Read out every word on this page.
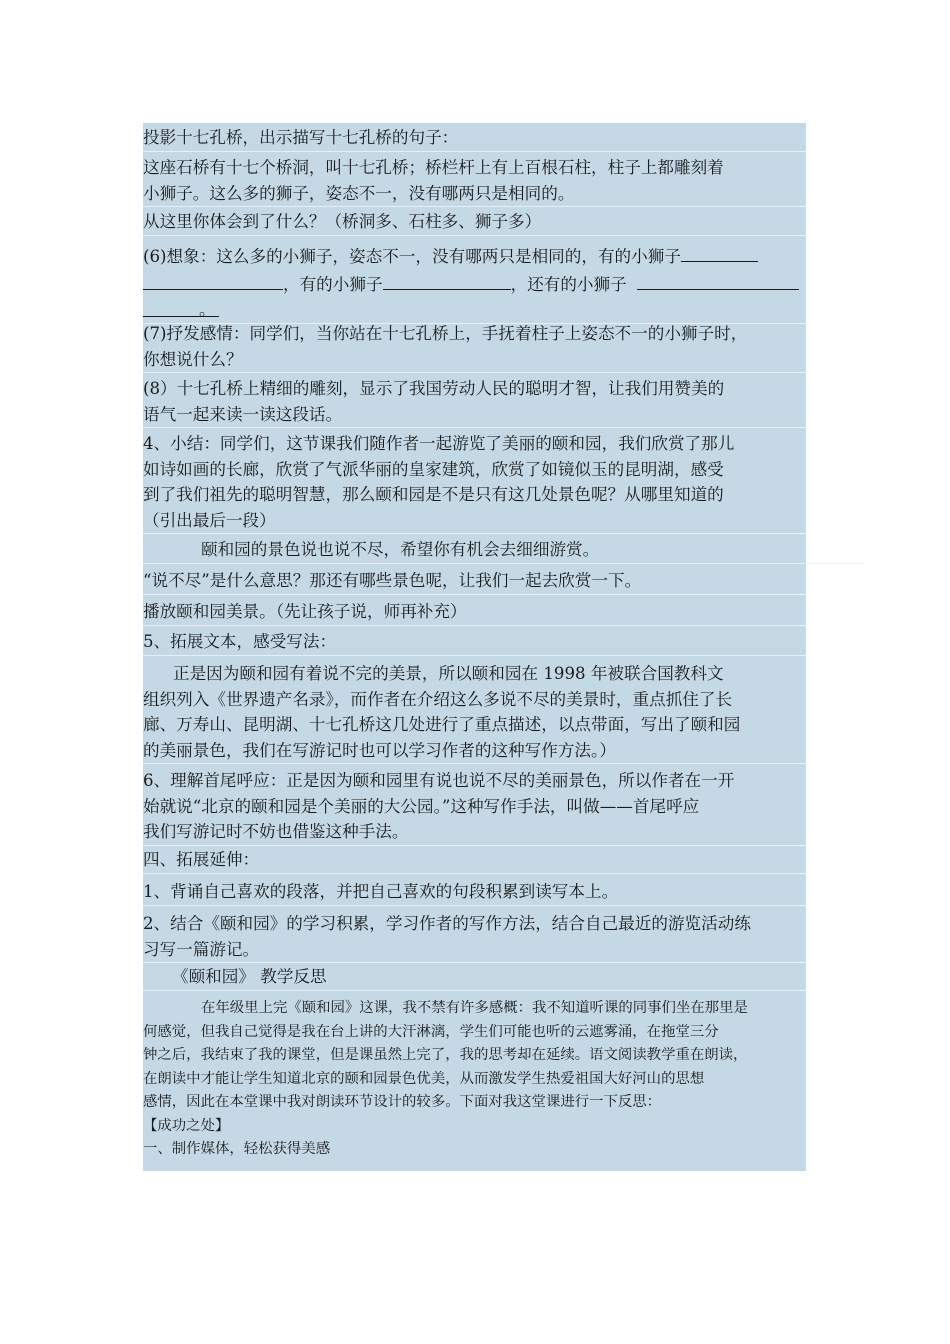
投影十七孔桥，出示描写十七孔桥的句子：

这座石桥有十七个桥洞，叫十七孔桥；桥栏杆上有上百根石柱，柱子上都雕刻着

小狮子。这么多的狮子，姿态不一，没有哪两只是相同的。

从这里你体会到了什么？（桥洞多、石柱多、狮子多）

(6)想象：这么多的小狮子，姿态不一，没有哪两只是相同的，有的小狮子

，有的小狮子	，还有的小狮子

。

(7)抒发感情：同学们，当你站在十七孔桥上，手抚着柱子上姿态不一的小狮子时，

你想说什么？

(8）十七孔桥上精细的雕刻，显示了我国劳动人民的聪明才智，让我们用赞美的

语气一起来读一读这段话。

4、小结：同学们，这节课我们随作者一起游览了美丽的颐和园，我们欣赏了那儿

如诗如画的长廊，欣赏了气派华丽的皇家建筑，欣赏了如镜似玉的昆明湖，感受

到了我们祖先的聪明智慧，那么颐和园是不是只有这几处景色呢？从哪里知道的

（引出最后一段）

颐和园的景色说也说不尽，希望你有机会去细细游赏。

“说不尽”是什么意思？那还有哪些景色呢，让我们一起去欣赏一下。

播放颐和园美景。（先让孩子说，师再补充）

5、拓展文本，感受写法：

正是因为颐和园有着说不完的美景，所以颐和园在 1998 年被联合国教科文

组织列入《世界遗产名录》，而作者在介绍这么多说不尽的美景时，重点抓住了长

廊、万寿山、昆明湖、十七孔桥这几处进行了重点描述，以点带面，写出了颐和园

的美丽景色，我们在写游记时也可以学习作者的这种写作方法。）

6、理解首尾呼应：正是因为颐和园里有说也说不尽的美丽景色，所以作者在一开

始就说“北京的颐和园是个美丽的大公园。”这种写作手法，叫做——首尾呼应

我们写游记时不妨也借鉴这种手法。

四、拓展延伸：

1、背诵自己喜欢的段落，并把自己喜欢的句段积累到读写本上。

2、结合《颐和园》的学习积累，学习作者的写作方法，结合自己最近的游览活动练

习写一篇游记。

《颐和园》 教学反思

在年级里上完《颐和园》这课，我不禁有许多感概：我不知道听课的同事们坐在那里是

何感觉，但我自己觉得是我在台上讲的大汗淋漓，学生们可能也听的云遮雾涌，在拖堂三分

钟之后，我结束了我的课堂，但是课虽然上完了，我的思考却在延续。语文阅读教学重在朗读，

在朗读中才能让学生知道北京的颐和园景色优美，从而激发学生热爱祖国大好河山的思想

感情，因此在本堂课中我对朗读环节设计的较多。下面对我这堂课进行一下反思：

【成功之处】

一、制作媒体，轻松获得美感
